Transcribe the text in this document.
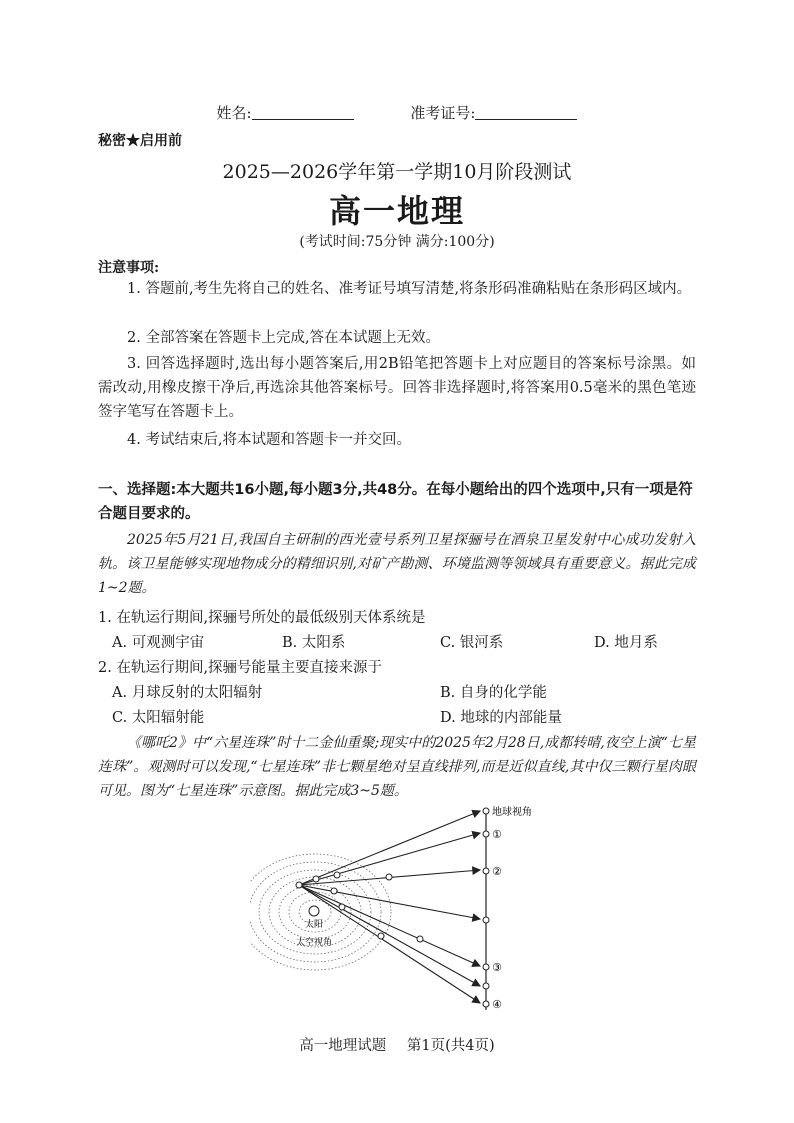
姓名:	准考证号:
秘密★启用前
2025—2026学年第一学期10月阶段测试
高一地理
(考试时间:75分钟 满分:100分)
注意事项:
1. 答题前,考生先将自己的姓名、准考证号填写清楚,将条形码准确粘贴在条形码区域内。
2. 全部答案在答题卡上完成,答在本试题上无效。
3. 回答选择题时,选出每小题答案后,用2B铅笔把答题卡上对应题目的答案标号涂黑。如需改动,用橡皮擦干净后,再选涂其他答案标号。回答非选择题时,将答案用0.5毫米的黑色笔迹签字笔写在答题卡上。
4. 考试结束后,将本试题和答题卡一并交回。
一、选择题:本大题共16小题,每小题3分,共48分。在每小题给出的四个选项中,只有一项是符合题目要求的。
2025年5月21日,我国自主研制的西光壹号系列卫星探骊号在酒泉卫星发射中心成功发射入轨。该卫星能够实现地物成分的精细识别,对矿产勘测、环境监测等领域具有重要意义。据此完成1~2题。
1. 在轨运行期间,探骊号所处的最低级别天体系统是
A. 可观测宇宙	B. 太阳系	C. 银河系	D. 地月系
2. 在轨运行期间,探骊号能量主要直接来源于
A. 月球反射的太阳辐射	B. 自身的化学能
C. 太阳辐射能	D. 地球的内部能量
《哪吒2》中“六星连珠”时十二金仙重聚;现实中的2025年2月28日,成都转晴,夜空上演“七星连珠”。观测时可以发现,“七星连珠”非七颗星绝对呈直线排列,而是近似直线,其中仅三颗行星肉眼可见。图为“七星连珠”示意图。据此完成3~5题。
地球视角
①
②
③
④
太阳
太空视角
高一地理试题 第1页(共4页)
